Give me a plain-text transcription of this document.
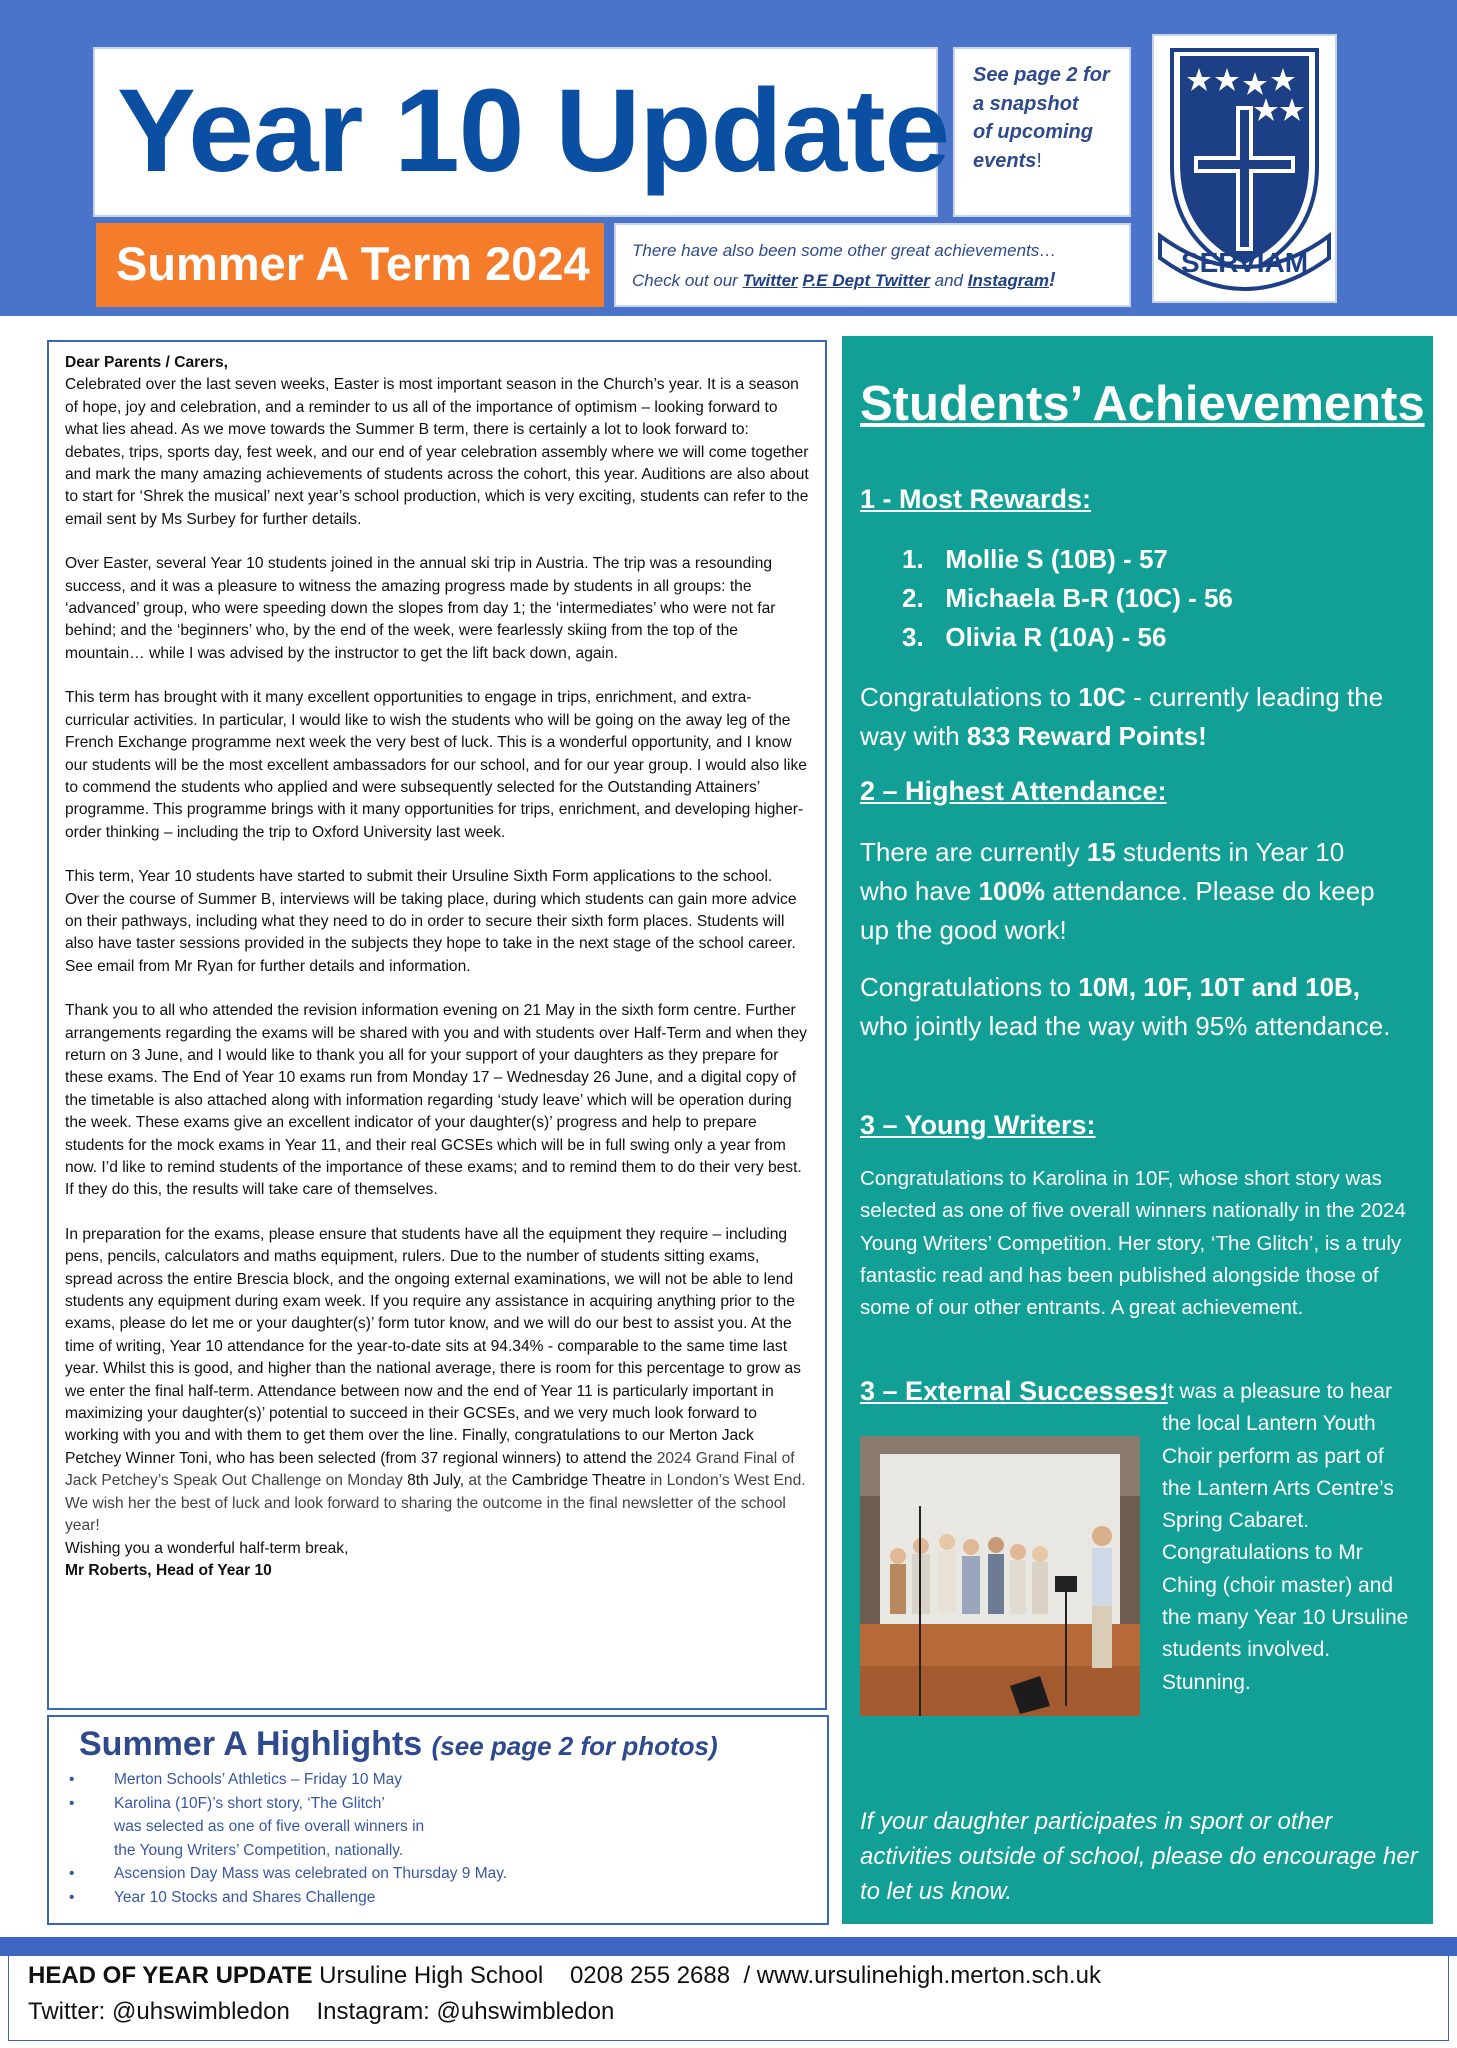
Year 10 Update
Summer A Term 2024

See page 2 for
a snapshot
of upcoming
events!

There have also been some other great achievements…

Check out our Twitter P.E Dept Twitter and Instagram!

SERVIAM

Dear Parents / Carers,

Celebrated over the last seven weeks, Easter is most important season in the Church’s year. It is a season of hope, joy and celebration, and a reminder to us all of the importance of optimism – looking forward to what lies ahead. As we move towards the Summer B term, there is certainly a lot to look forward to: debates, trips, sports day, fest week, and our end of year celebration assembly where we will come together and mark the many amazing achievements of students across the cohort, this year. Auditions are also about to start for ‘Shrek the musical’ next year’s school production, which is very exciting, students can refer to the email sent by Ms Surbey for further details.

Over Easter, several Year 10 students joined in the annual ski trip in Austria. The trip was a resounding success, and it was a pleasure to witness the amazing progress made by students in all groups: the ‘advanced’ group, who were speeding down the slopes from day 1; the ‘intermediates’ who were not far behind; and the ‘beginners’ who, by the end of the week, were fearlessly skiing from the top of the mountain… while I was advised by the instructor to get the lift back down, again.

This term has brought with it many excellent opportunities to engage in trips, enrichment, and extra-curricular activities. In particular, I would like to wish the students who will be going on the away leg of the French Exchange programme next week the very best of luck. This is a wonderful opportunity, and I know our students will be the most excellent ambassadors for our school, and for our year group. I would also like to commend the students who applied and were subsequently selected for the Outstanding Attainers’ programme. This programme brings with it many opportunities for trips, enrichment, and developing higher-order thinking – including the trip to Oxford University last week.

This term, Year 10 students have started to submit their Ursuline Sixth Form applications to the school. Over the course of Summer B, interviews will be taking place, during which students can gain more advice on their pathways, including what they need to do in order to secure their sixth form places. Students will also have taster sessions provided in the subjects they hope to take in the next stage of the school career. See email from Mr Ryan for further details and information.

Thank you to all who attended the revision information evening on 21 May in the sixth form centre. Further arrangements regarding the exams will be shared with you and with students over Half-Term and when they return on 3 June, and I would like to thank you all for your support of your daughters as they prepare for these exams. The End of Year 10 exams run from Monday 17 – Wednesday 26 June, and a digital copy of the timetable is also attached along with information regarding ‘study leave’ which will be operation during the week. These exams give an excellent indicator of your daughter(s)’ progress and help to prepare students for the mock exams in Year 11, and their real GCSEs which will be in full swing only a year from now. I’d like to remind students of the importance of these exams; and to remind them to do their very best. If they do this, the results will take care of themselves.

In preparation for the exams, please ensure that students have all the equipment they require – including pens, pencils, calculators and maths equipment, rulers. Due to the number of students sitting exams, spread across the entire Brescia block, and the ongoing external examinations, we will not be able to lend students any equipment during exam week. If you require any assistance in acquiring anything prior to the exams, please do let me or your daughter(s)’ form tutor know, and we will do our best to assist you. At the time of writing, Year 10 attendance for the year-to-date sits at 94.34% - comparable to the same time last year. Whilst this is good, and higher than the national average, there is room for this percentage to grow as we enter the final half-term. Attendance between now and the end of Year 11 is particularly important in maximizing your daughter(s)’ potential to succeed in their GCSEs, and we very much look forward to working with you and with them to get them over the line. Finally, congratulations to our Merton Jack Petchey Winner Toni, who has been selected (from 37 regional winners) to attend the 2024 Grand Final of Jack Petchey’s Speak Out Challenge on Monday 8th July, at the Cambridge Theatre in London’s West End. We wish her the best of luck and look forward to sharing the outcome in the final newsletter of the school year!

Wishing you a wonderful half-term break,

Mr Roberts, Head of Year 10

Summer A Highlights (see page 2 for photos)

• Merton Schools’ Athletics – Friday 10 May
• Karolina (10F)’s short story, ‘The Glitch’
was selected as one of five overall winners in
the Young Writers’ Competition, nationally.
• Ascension Day Mass was celebrated on Thursday 9 May.
• Year 10 Stocks and Shares Challenge
Students’ Achievements
1 - Most Rewards:
1.   Mollie S (10B) - 57
2.   Michaela B-R (10C) - 56
3.   Olivia R (10A) - 56

Congratulations to 10C - currently leading the way with 833 Reward Points!

2 – Highest Attendance:

There are currently 15 students in Year 10 who have 100% attendance. Please do keep up the good work!

Congratulations to 10M, 10F, 10T and 10B, who jointly lead the way with 95% attendance.

3 – Young Writers:

Congratulations to Karolina in 10F, whose short story was selected as one of five overall winners nationally in the 2024 Young Writers’ Competition. Her story, ‘The Glitch’, is a truly fantastic read and has been published alongside those of some of our other entrants. A great achievement.

3 – External Successes:

It was a pleasure to hear the local Lantern Youth Choir perform as part of the Lantern Arts Centre’s Spring Cabaret. Congratulations to Mr Ching (choir master) and the many Year 10 Ursuline students involved. Stunning.

If your daughter participates in sport or other activities outside of school, please do encourage her to let us know.

HEAD OF YEAR UPDATE Ursuline High School 0208 255 2688 / www.ursulinehigh.merton.sch.uk
Twitter: @uhswimbledon Instagram: @uhswimbledon
